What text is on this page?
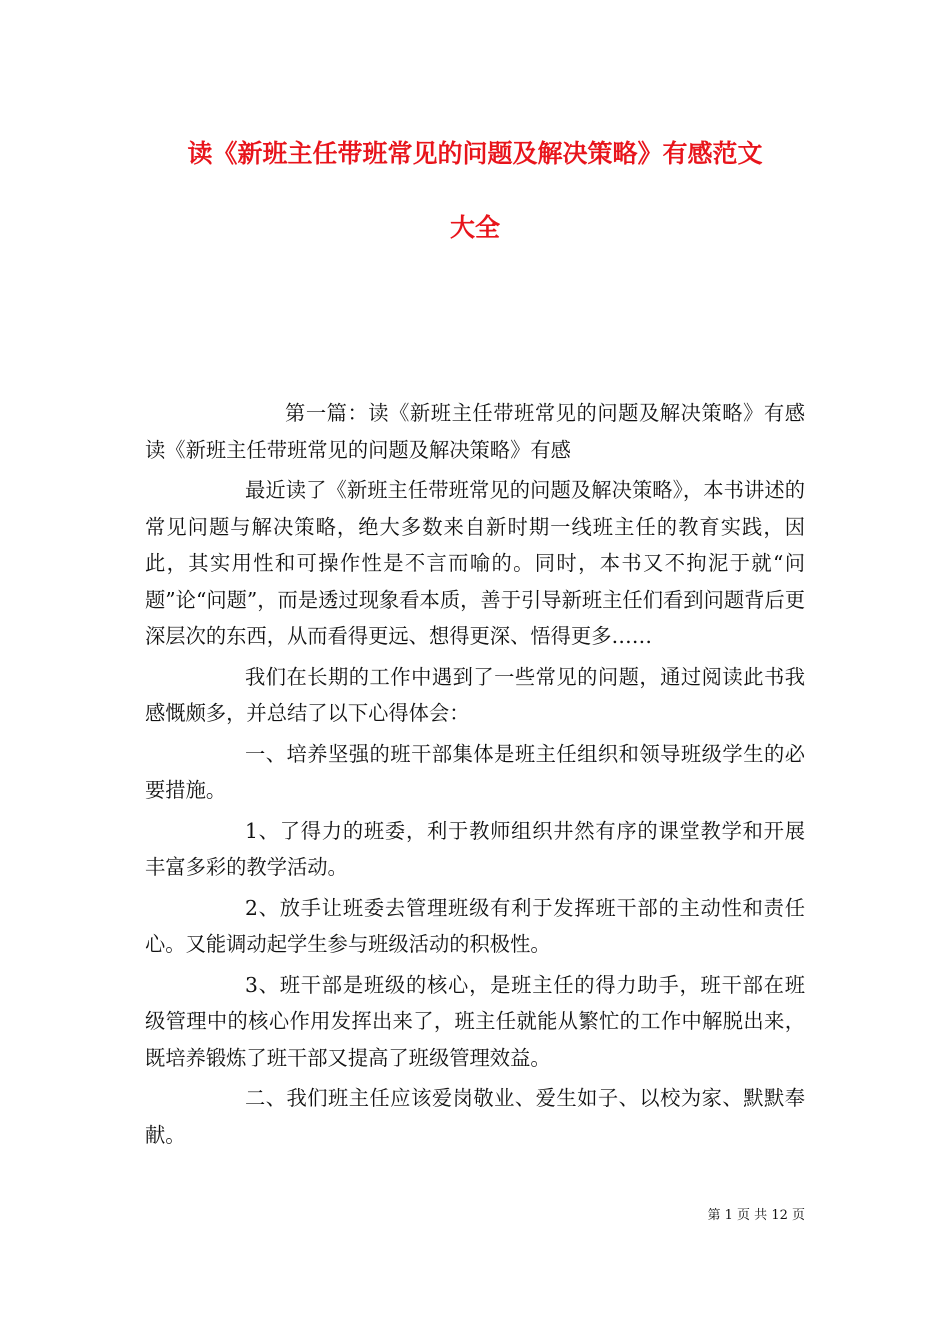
读《新班主任带班常见的问题及解决策略》有感范文
大全

第一篇：读《新班主任带班常见的问题及解决策略》有感读《新班主任带班常见的问题及解决策略》有感

最近读了《新班主任带班常见的问题及解决策略》，本书讲述的常见问题与解决策略，绝大多数来自新时期一线班主任的教育实践，因此，其实用性和可操作性是不言而喻的。同时，本书又不拘泥于就“问题”论“问题”，而是透过现象看本质，善于引导新班主任们看到问题背后更深层次的东西，从而看得更远、想得更深、悟得更多……

我们在长期的工作中遇到了一些常见的问题，通过阅读此书我感慨颇多，并总结了以下心得体会：

一、培养坚强的班干部集体是班主任组织和领导班级学生的必要措施。

1、了得力的班委，利于教师组织井然有序的课堂教学和开展丰富多彩的教学活动。

2、放手让班委去管理班级有利于发挥班干部的主动性和责任心。又能调动起学生参与班级活动的积极性。

3、班干部是班级的核心，是班主任的得力助手，班干部在班级管理中的核心作用发挥出来了，班主任就能从繁忙的工作中解脱出来，既培养锻炼了班干部又提高了班级管理效益。

二、我们班主任应该爱岗敬业、爱生如子、以校为家、默默奉献。

第 1 页 共 12 页
